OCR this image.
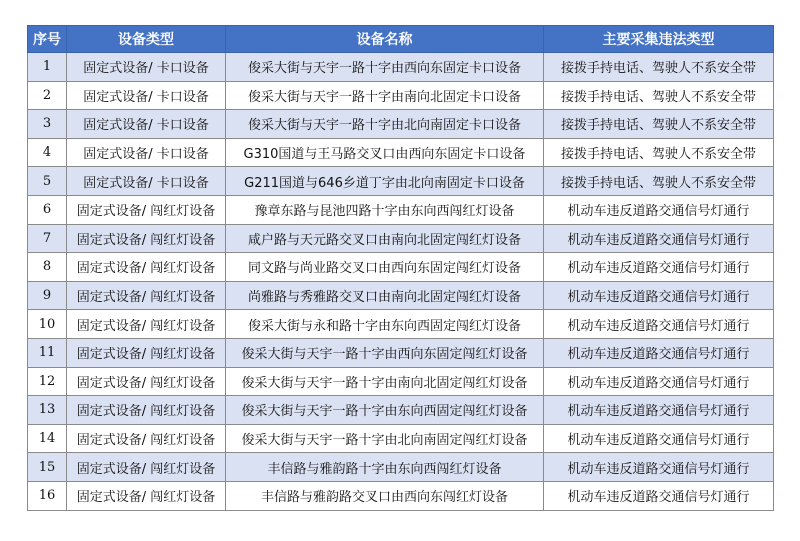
序号	设备类型	设备名称	主要采集违法类型
1	固定式设备/ 卡口设备	俊采大街与天宇一路十字由西向东固定卡口设备	接拨手持电话、驾驶人不系安全带
2	固定式设备/ 卡口设备	俊采大街与天宇一路十字由南向北固定卡口设备	接拨手持电话、驾驶人不系安全带
3	固定式设备/ 卡口设备	俊采大街与天宇一路十字由北向南固定卡口设备	接拨手持电话、驾驶人不系安全带
4	固定式设备/ 卡口设备	G310国道与王马路交叉口由西向东固定卡口设备	接拨手持电话、驾驶人不系安全带
5	固定式设备/ 卡口设备	G211国道与646乡道丁字由北向南固定卡口设备	接拨手持电话、驾驶人不系安全带
6	固定式设备/ 闯红灯设备	豫章东路与昆池四路十字由东向西闯红灯设备	机动车违反道路交通信号灯通行
7	固定式设备/ 闯红灯设备	咸户路与天元路交叉口由南向北固定闯红灯设备	机动车违反道路交通信号灯通行
8	固定式设备/ 闯红灯设备	同文路与尚业路交叉口由西向东固定闯红灯设备	机动车违反道路交通信号灯通行
9	固定式设备/ 闯红灯设备	尚雅路与秀雅路交叉口由南向北固定闯红灯设备	机动车违反道路交通信号灯通行
10	固定式设备/ 闯红灯设备	俊采大街与永和路十字由东向西固定闯红灯设备	机动车违反道路交通信号灯通行
11	固定式设备/ 闯红灯设备	俊采大街与天宇一路十字由西向东固定闯红灯设备	机动车违反道路交通信号灯通行
12	固定式设备/ 闯红灯设备	俊采大街与天宇一路十字由南向北固定闯红灯设备	机动车违反道路交通信号灯通行
13	固定式设备/ 闯红灯设备	俊采大街与天宇一路十字由东向西固定闯红灯设备	机动车违反道路交通信号灯通行
14	固定式设备/ 闯红灯设备	俊采大街与天宇一路十字由北向南固定闯红灯设备	机动车违反道路交通信号灯通行
15	固定式设备/ 闯红灯设备	丰信路与雅韵路十字由东向西闯红灯设备	机动车违反道路交通信号灯通行
16	固定式设备/ 闯红灯设备	丰信路与雅韵路交叉口由西向东闯红灯设备	机动车违反道路交通信号灯通行
